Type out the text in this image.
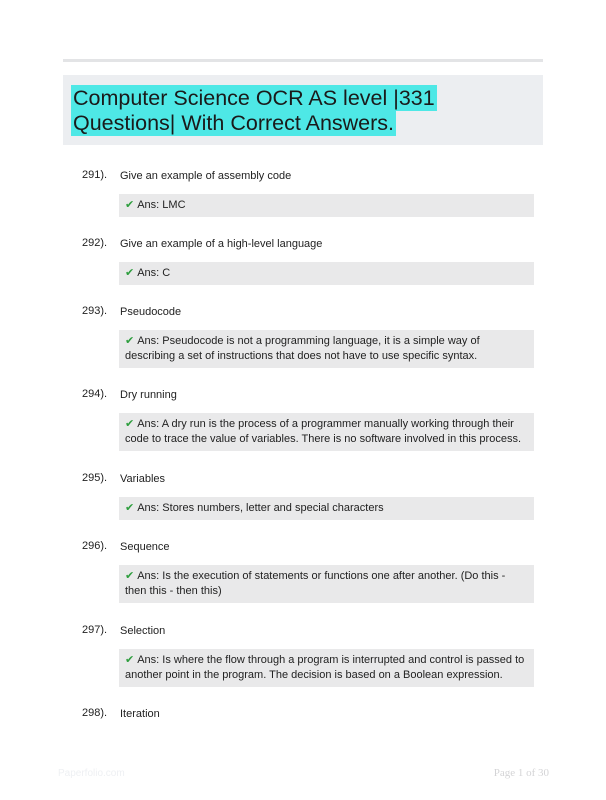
Computer Science OCR AS level |331 Questions| With Correct Answers.
291). Give an example of assembly code
✔ Ans: LMC
292). Give an example of a high-level language
✔ Ans: C
293). Pseudocode
✔ Ans: Pseudocode is not a programming language, it is a simple way of describing a set of instructions that does not have to use specific syntax.
294). Dry running
✔ Ans: A dry run is the process of a programmer manually working through their code to trace the value of variables. There is no software involved in this process.
295). Variables
✔ Ans: Stores numbers, letter and special characters
296). Sequence
✔ Ans: Is the execution of statements or functions one after another. (Do this - then this - then this)
297). Selection
✔ Ans: Is where the flow through a program is interrupted and control is passed to another point in the program. The decision is based on a Boolean expression.
298). Iteration
Paperfolio.com	Page 1 of 30
